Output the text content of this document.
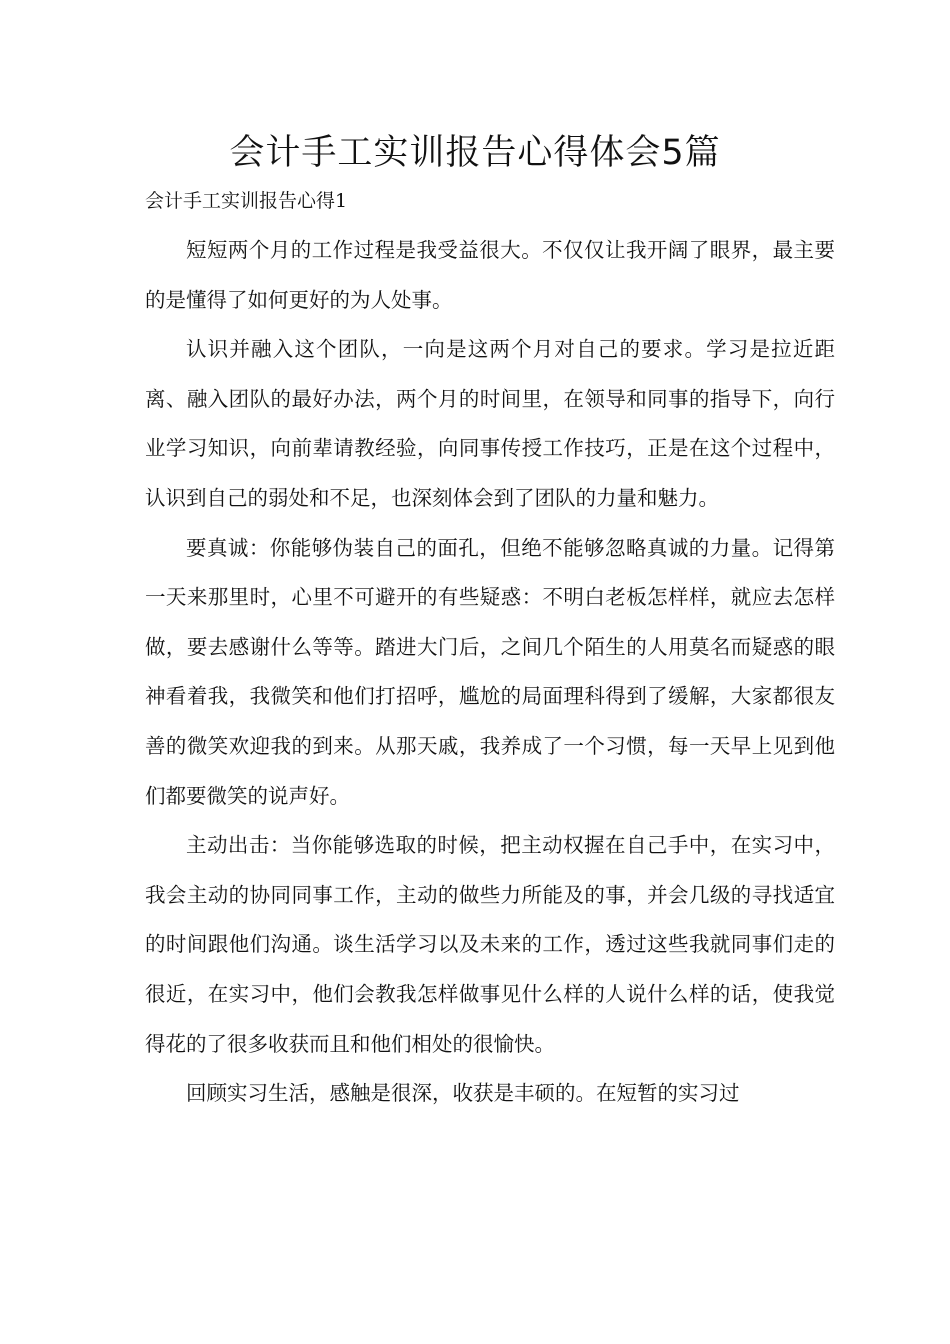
会计手工实训报告心得体会5篇
会计手工实训报告心得1

短短两个月的工作过程是我受益很大。不仅仅让我开阔了眼界，最主要的是懂得了如何更好的为人处事。

认识并融入这个团队，一向是这两个月对自己的要求。学习是拉近距离、融入团队的最好办法，两个月的时间里，在领导和同事的指导下，向行业学习知识，向前辈请教经验，向同事传授工作技巧，正是在这个过程中，认识到自己的弱处和不足，也深刻体会到了团队的力量和魅力。

要真诚：你能够伪装自己的面孔，但绝不能够忽略真诚的力量。记得第一天来那里时，心里不可避开的有些疑惑：不明白老板怎样样，就应去怎样做，要去感谢什么等等。踏进大门后，之间几个陌生的人用莫名而疑惑的眼神看着我，我微笑和他们打招呼，尴尬的局面理科得到了缓解，大家都很友善的微笑欢迎我的到来。从那天戚，我养成了一个习惯，每一天早上见到他们都要微笑的说声好。

主动出击：当你能够选取的时候，把主动权握在自己手中，在实习中，我会主动的协同同事工作，主动的做些力所能及的事，并会几级的寻找适宜的时间跟他们沟通。谈生活学习以及未来的工作，透过这些我就同事们走的很近，在实习中，他们会教我怎样做事见什么样的人说什么样的话，使我觉得花的了很多收获而且和他们相处的很愉快。

回顾实习生活，感触是很深，收获是丰硕的。在短暂的实习过
